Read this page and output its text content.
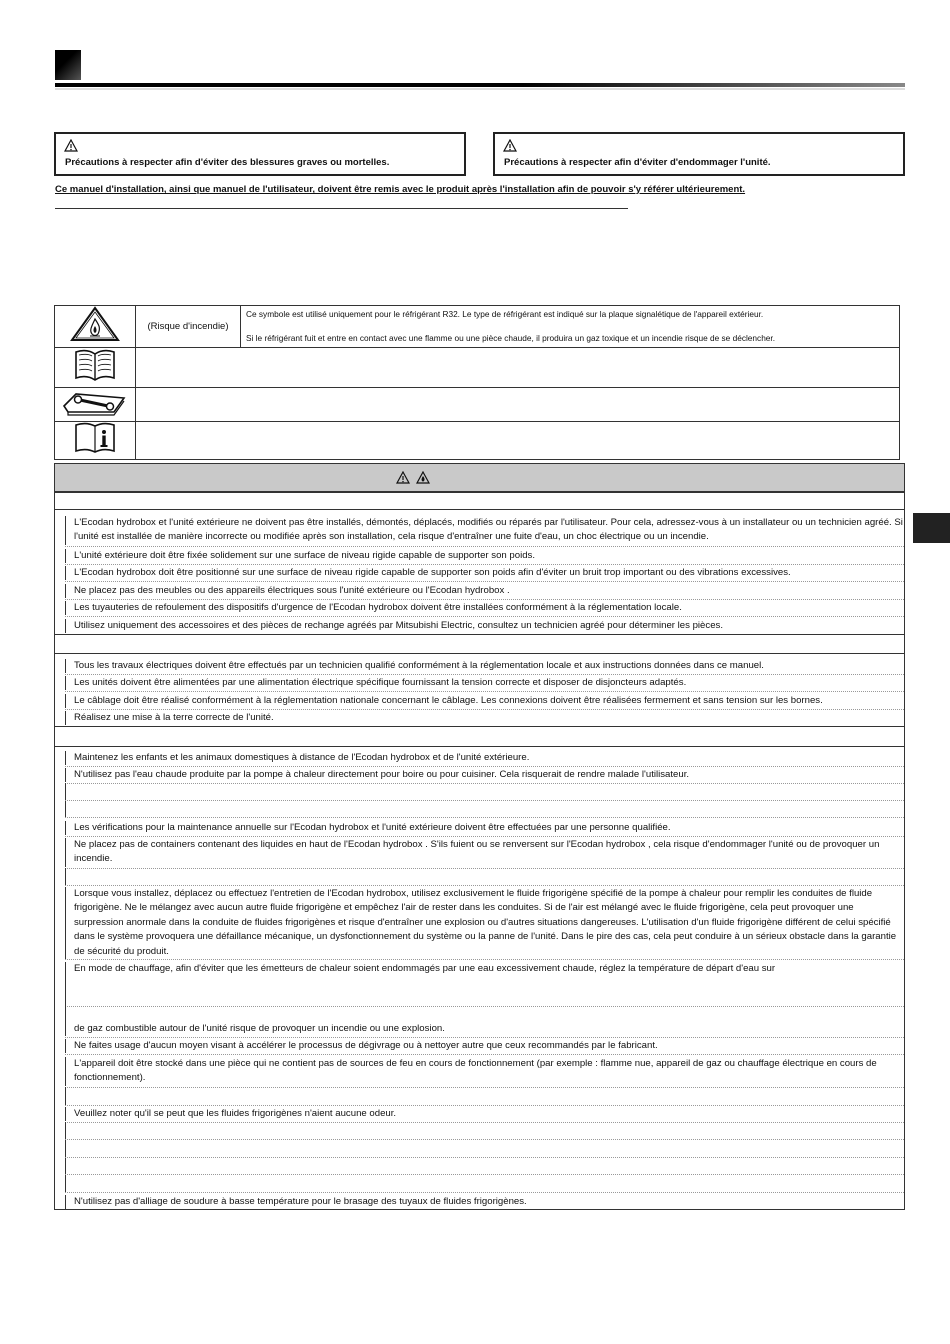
Précautions à respecter afin d'éviter des blessures graves ou mortelles.	Précautions à respecter afin d'éviter d'endommager l'unité.
Ce manuel d'installation, ainsi que manuel de l'utilisateur, doivent être remis avec le produit après l'installation afin de pouvoir s'y référer ultérieurement.
	(Risque d'incendie)	Ce symbole est utilisé uniquement pour le réfrigérant R32. Le type de réfrigérant est indiqué sur la plaque signalétique de l'appareil extérieur.

Si le réfrigérant fuit et entre en contact avec une flamme ou une pièce chaude, il produira un gaz toxique et un incendie risque de se déclencher.

L'Ecodan hydrobox et l'unité extérieure ne doivent pas être installés, démontés, déplacés, modifiés ou réparés par l'utilisateur. Pour cela, adressez-vous à un installateur ou un technicien agréé. Si l'unité est installée de manière incorrecte ou modifiée après son installation, cela risque d'entraîner une fuite d'eau, un choc électrique ou un incendie.
L'unité extérieure doit être fixée solidement sur une surface de niveau rigide capable de supporter son poids.
L'Ecodan hydrobox doit être positionné sur une surface de niveau rigide capable de supporter son poids afin d'éviter un bruit trop important ou des vibrations excessives.
Ne placez pas des meubles ou des appareils électriques sous l'unité extérieure ou l'Ecodan hydrobox .
Les tuyauteries de refoulement des dispositifs d'urgence de l'Ecodan hydrobox doivent être installées conformément à la réglementation locale.
Utilisez uniquement des accessoires et des pièces de rechange agréés par Mitsubishi Electric, consultez un technicien agréé pour déterminer les pièces.
Tous les travaux électriques doivent être effectués par un technicien qualifié conformément à la réglementation locale et aux instructions données dans ce manuel.
Les unités doivent être alimentées par une alimentation électrique spécifique fournissant la tension correcte et disposer de disjoncteurs adaptés.
Le câblage doit être réalisé conformément à la réglementation nationale concernant le câblage. Les connexions doivent être réalisées fermement et sans tension sur les bornes.
Réalisez une mise à la terre correcte de l'unité.
Maintenez les enfants et les animaux domestiques à distance de l'Ecodan hydrobox et de l'unité extérieure.
N'utilisez pas l'eau chaude produite par la pompe à chaleur directement pour boire ou pour cuisiner. Cela risquerait de rendre malade l'utilisateur.
Les vérifications pour la maintenance annuelle sur l'Ecodan hydrobox et l'unité extérieure doivent être effectuées par une personne qualifiée.
Ne placez pas de containers contenant des liquides en haut de l'Ecodan hydrobox . S'ils fuient ou se renversent sur l'Ecodan hydrobox , cela risque d'endommager l'unité ou de provoquer un incendie.
Lorsque vous installez, déplacez ou effectuez l'entretien de l'Ecodan hydrobox, utilisez exclusivement le fluide frigorigène spécifié de la pompe à chaleur pour remplir les conduites de fluide frigorigène. Ne le mélangez avec aucun autre fluide frigorigène et empêchez l'air de rester dans les conduites. Si de l'air est mélangé avec le fluide frigorigène, cela peut provoquer une surpression anormale dans la conduite de fluides frigorigènes et risque d'entraîner une explosion ou d'autres situations dangereuses. L'utilisation d'un fluide frigorigène différent de celui spécifié dans le système provoquera une défaillance mécanique, un dysfonctionnement du système ou la panne de l'unité. Dans le pire des cas, cela peut conduire à un sérieux obstacle dans la garantie de sécurité du produit.
En mode de chauffage, afin d'éviter que les émetteurs de chaleur soient endommagés par une eau excessivement chaude, réglez la température de départ d'eau sur
de gaz combustible autour de l'unité risque de provoquer un incendie ou une explosion.
Ne faites usage d'aucun moyen visant à accélérer le processus de dégivrage ou à nettoyer autre que ceux recommandés par le fabricant.
L'appareil doit être stocké dans une pièce qui ne contient pas de sources de feu en cours de fonctionnement (par exemple : flamme nue, appareil de gaz ou chauffage électrique en cours de fonctionnement).
Veuillez noter qu'il se peut que les fluides frigorigènes n'aient aucune odeur.
N'utilisez pas d'alliage de soudure à basse température pour le brasage des tuyaux de fluides frigorigènes.
